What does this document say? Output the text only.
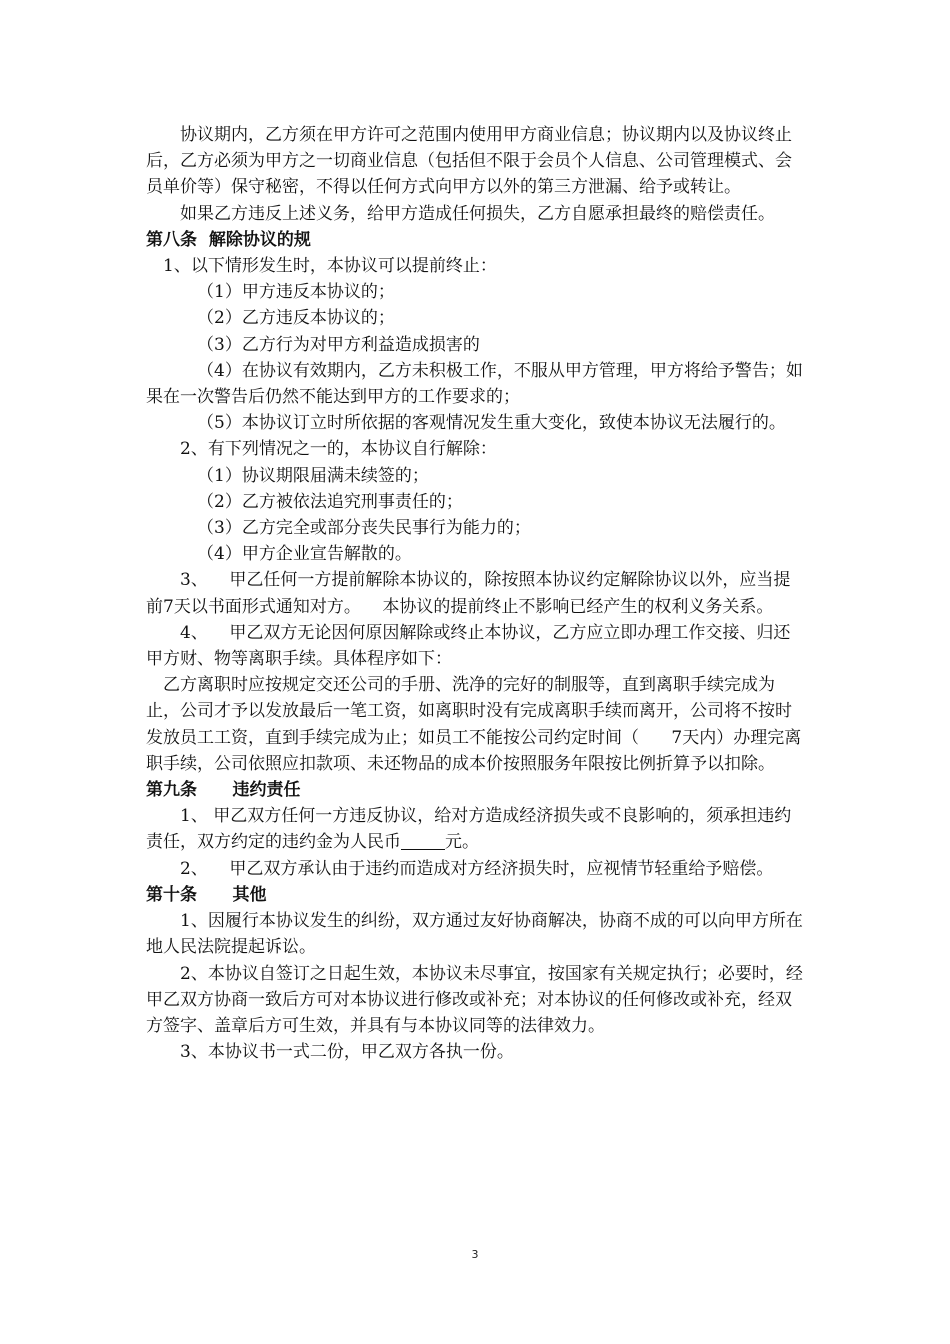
协议期内，乙方须在甲方许可之范围内使用甲方商业信息；协议期内以及协议终止后，乙方必须为甲方之一切商业信息（包括但不限于会员个人信息、公司管理模式、会员单价等）保守秘密，不得以任何方式向甲方以外的第三方泄漏、给予或转让。

如果乙方违反上述义务，给甲方造成任何损失，乙方自愿承担最终的赔偿责任。

第八条  解除协议的规

1、以下情形发生时，本协议可以提前终止：

（1）甲方违反本协议的；

（2）乙方违反本协议的；

（3）乙方行为对甲方利益造成损害的

（4）在协议有效期内，乙方未积极工作，不服从甲方管理，甲方将给予警告；如果在一次警告后仍然不能达到甲方的工作要求的；

（5）本协议订立时所依据的客观情况发生重大变化，致使本协议无法履行的。

2、有下列情况之一的，本协议自行解除：

（1）协议期限届满未续签的；

（2）乙方被依法追究刑事责任的；

（3）乙方完全或部分丧失民事行为能力的；

（4）甲方企业宣告解散的。

3、    甲乙任何一方提前解除本协议的，除按照本协议约定解除协议以外，应当提前7天以书面形式通知对方。    本协议的提前终止不影响已经产生的权利义务关系。

4、    甲乙双方无论因何原因解除或终止本协议，乙方应立即办理工作交接、归还甲方财、物等离职手续。具体程序如下：

乙方离职时应按规定交还公司的手册、洗净的完好的制服等，直到离职手续完成为止，公司才予以发放最后一笔工资，如离职时没有完成离职手续而离开，公司将不按时发放员工工资，直到手续完成为止；如员工不能按公司约定时间（      7天内）办理完离职手续，公司依照应扣款项、未还物品的成本价按照服务年限按比例折算予以扣除。

第九条      违约责任

1、 甲乙双方任何一方违反协议，给对方造成经济损失或不良影响的，须承担违约责任，双方约定的违约金为人民币	元。

2、    甲乙双方承认由于违约而造成对方经济损失时，应视情节轻重给予赔偿。

第十条      其他

1、因履行本协议发生的纠纷，双方通过友好协商解决，协商不成的可以向甲方所在地人民法院提起诉讼。

2、本协议自签订之日起生效，本协议未尽事宜，按国家有关规定执行；必要时，经甲乙双方协商一致后方可对本协议进行修改或补充；对本协议的任何修改或补充，经双方签字、盖章后方可生效，并具有与本协议同等的法律效力。

3、本协议书一式二份，甲乙双方各执一份。

3
